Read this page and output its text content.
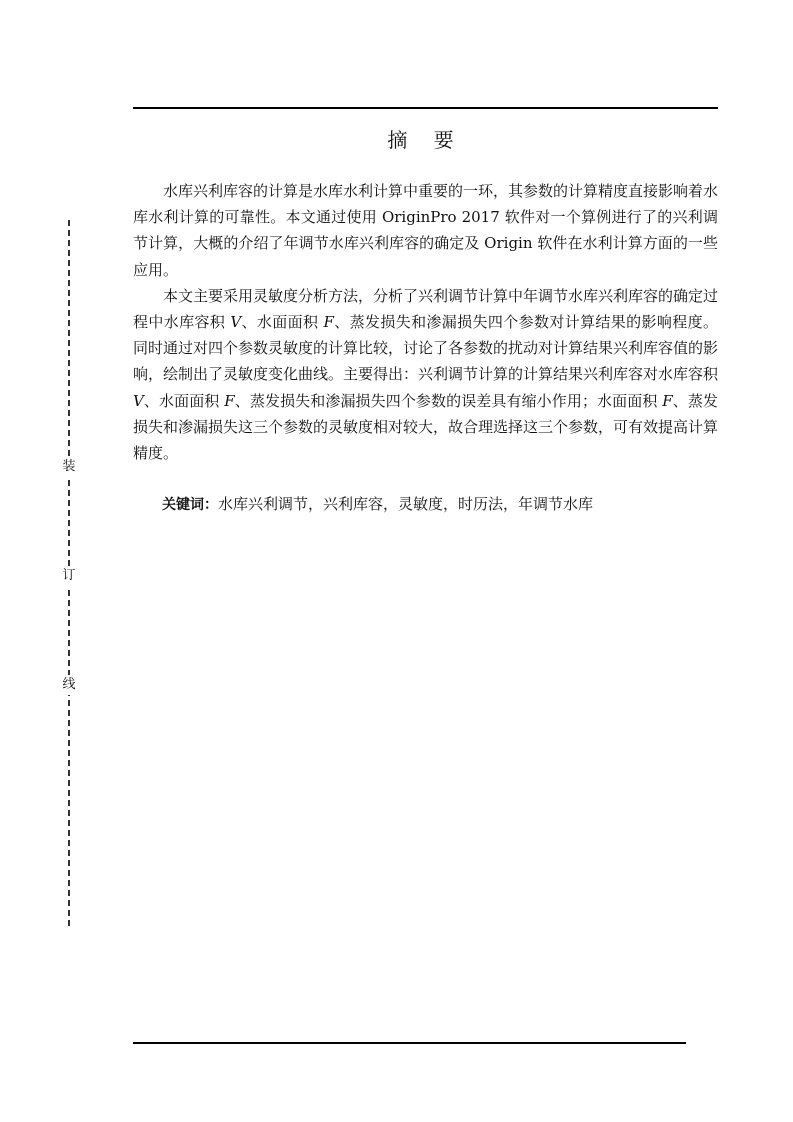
摘 要

水库兴利库容的计算是水库水利计算中重要的一环，其参数的计算精度直接影响着水库水利计算的可靠性。本文通过使用 OriginPro 2017 软件对一个算例进行了的兴利调节计算，大概的介绍了年调节水库兴利库容的确定及 Origin 软件在水利计算方面的一些应用。

本文主要采用灵敏度分析方法，分析了兴利调节计算中年调节水库兴利库容的确定过程中水库容积 V、水面面积 F、蒸发损失和渗漏损失四个参数对计算结果的影响程度。同时通过对四个参数灵敏度的计算比较，讨论了各参数的扰动对计算结果兴利库容值的影响，绘制出了灵敏度变化曲线。主要得出：兴利调节计算的计算结果兴利库容对水库容积 V、水面面积 F、蒸发损失和渗漏损失四个参数的误差具有缩小作用；水面面积 F、蒸发损失和渗漏损失这三个参数的灵敏度相对较大，故合理选择这三个参数，可有效提高计算精度。

关键词：水库兴利调节，兴利库容，灵敏度，时历法，年调节水库
装
订
线
